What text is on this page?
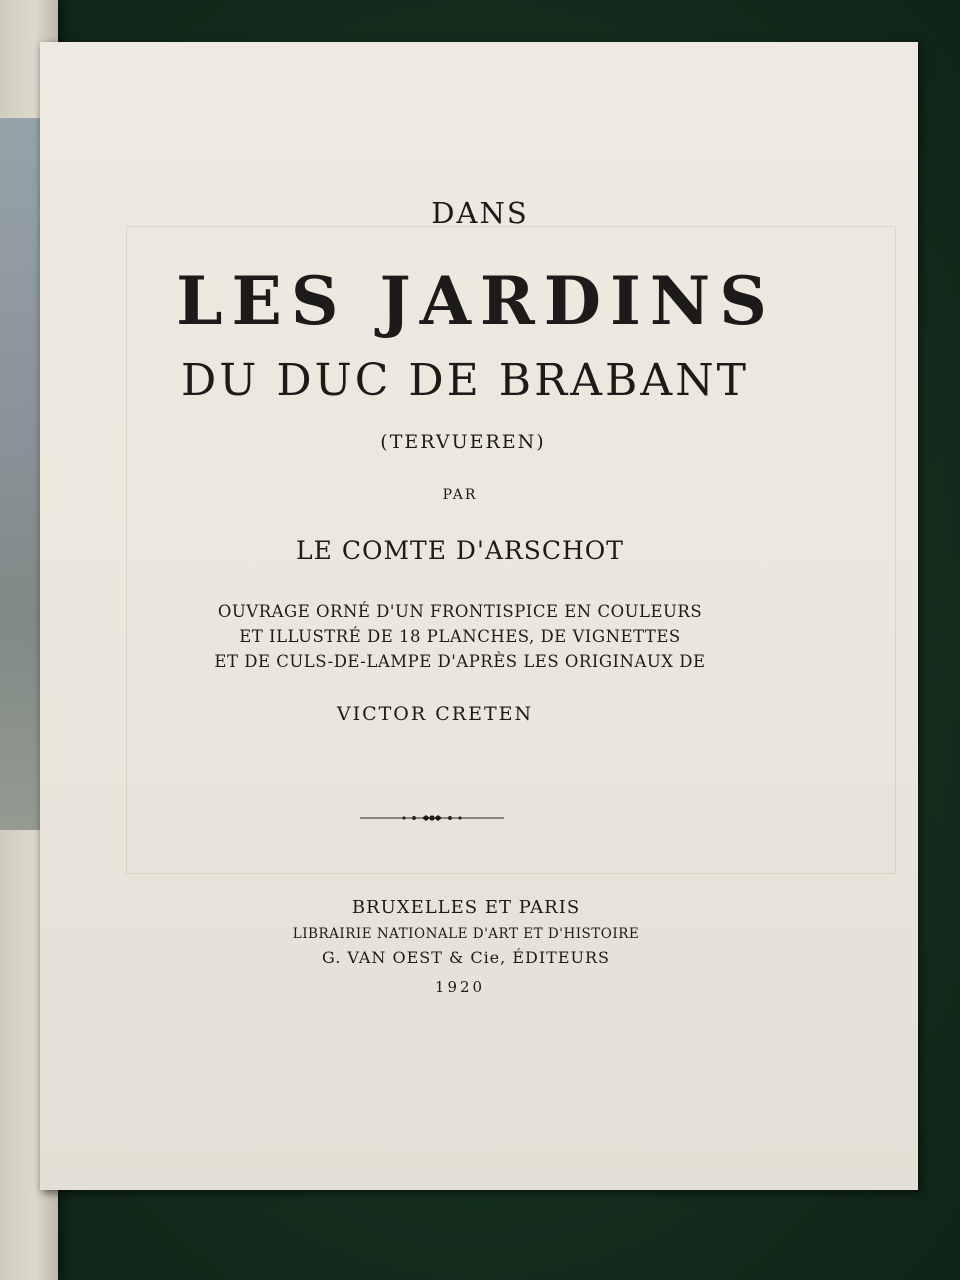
DANS
LES JARDINS
DU DUC DE BRABANT
(TERVUEREN)
PAR
LE COMTE D'ARSCHOT
OUVRAGE ORNÉ D'UN FRONTISPICE EN COULEURS
ET ILLUSTRÉ DE 18 PLANCHES, DE VIGNETTES
ET DE CULS-DE-LAMPE D'APRÈS LES ORIGINAUX DE
VICTOR CRETEN
BRUXELLES ET PARIS
LIBRAIRIE NATIONALE D'ART ET D'HISTOIRE
G. VAN OEST & Cie, ÉDITEURS
1920
